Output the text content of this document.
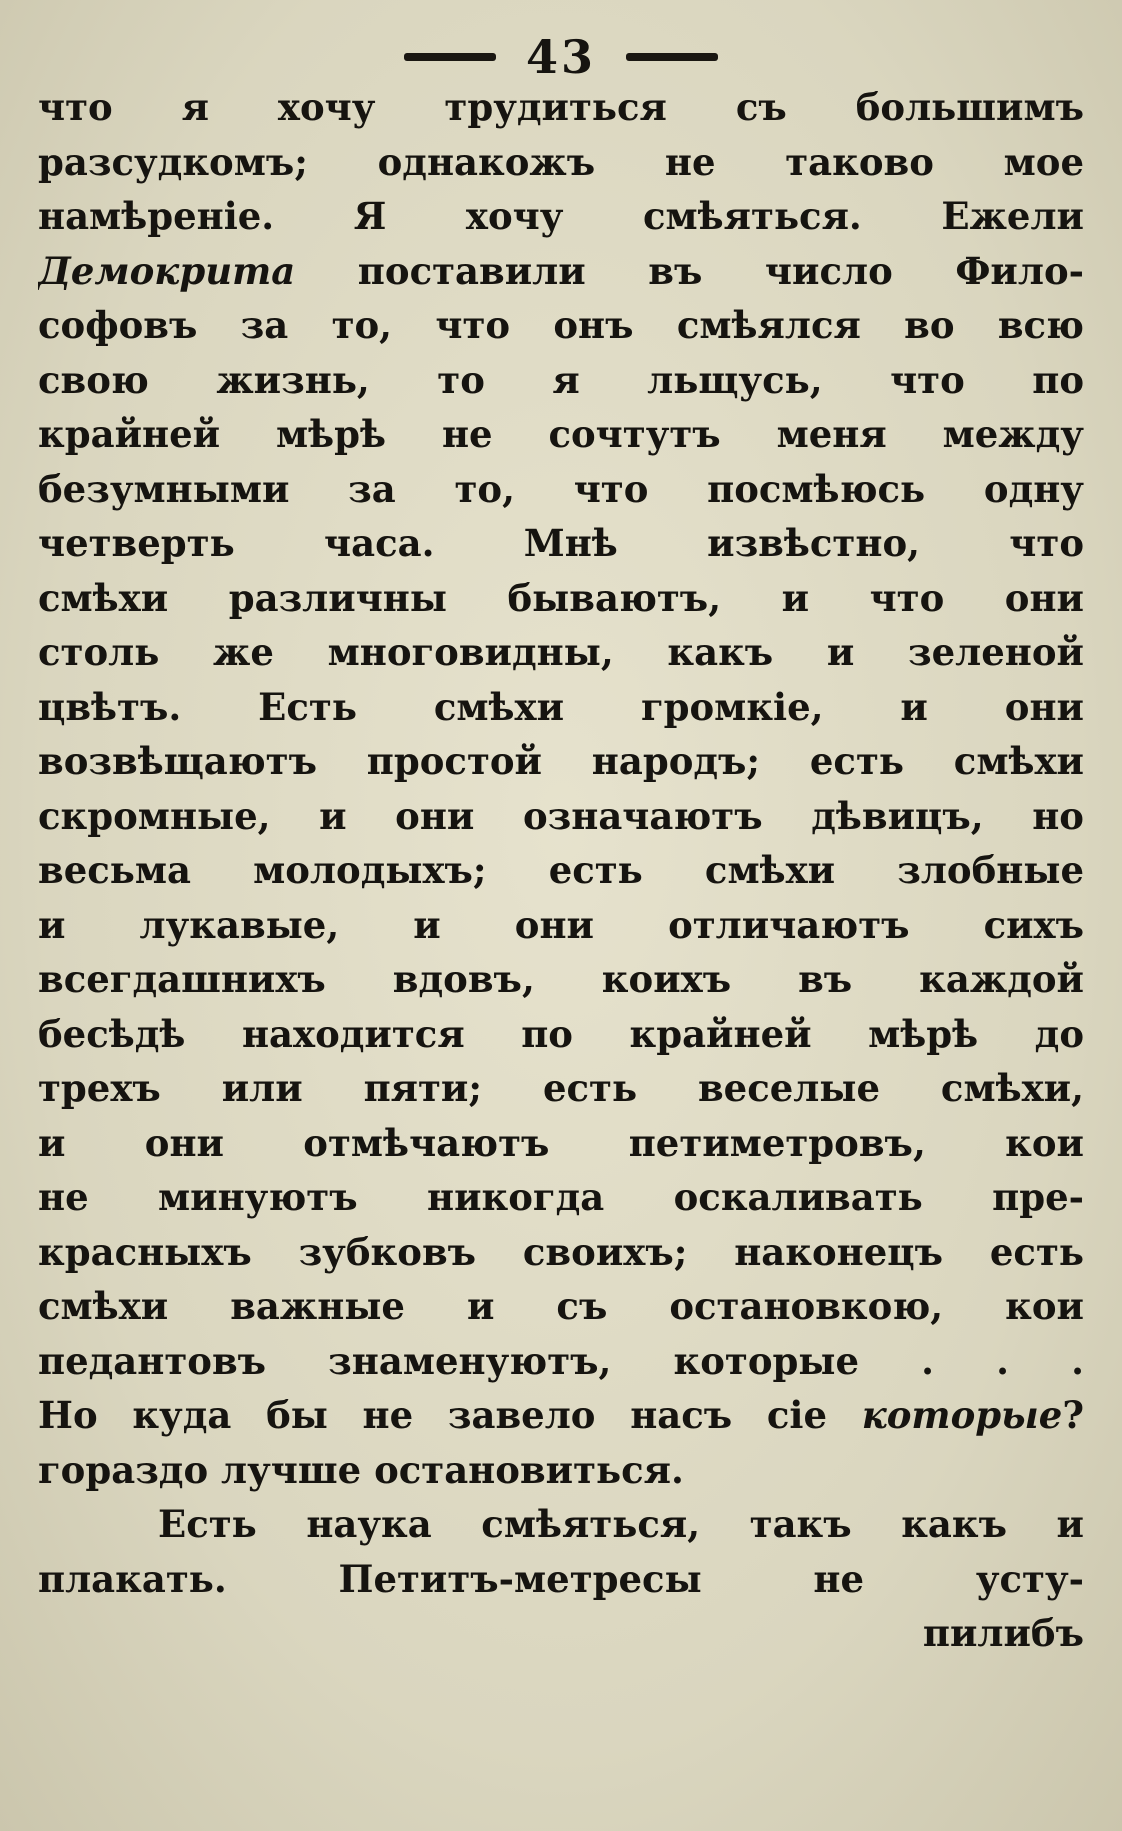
43
что я хочу трудиться съ большимъ
разсудкомъ; однакожъ не таково мое
намѣреніе. Я хочу смѣяться. Ежели
Демокрита поставили въ число Фило-
софовъ за то, что онъ смѣялся во всю
свою жизнь, то я льщусь, что по
крайней мѣрѣ не сочтутъ меня между
безумными за то, что посмѣюсь одну
четверть часа. Мнѣ извѣстно, что
смѣхи различны бываютъ, и что они
столь же многовидны, какъ и зеленой
цвѣтъ. Есть смѣхи громкіе, и они
возвѣщаютъ простой народъ; есть смѣхи
скромные, и они означаютъ дѣвицъ, но
весьма молодыхъ; есть смѣхи злобные
и лукавые, и они отличаютъ сихъ
всегдашнихъ вдовъ, коихъ въ каждой
бесѣдѣ находится по крайней мѣрѣ до
трехъ или пяти; есть веселые смѣхи,
и они отмѣчаютъ петиметровъ, кои
не минуютъ никогда оскаливать пре-
красныхъ зубковъ своихъ; наконецъ есть
смѣхи важные и съ остановкою, кои
педантовъ знаменуютъ, которые . . .
Но куда бы не завело насъ сіе которые?
гораздо лучше остановиться.
Есть наука смѣяться, такъ какъ и
плакать. Петитъ-метресы не усту-
пилибъ
